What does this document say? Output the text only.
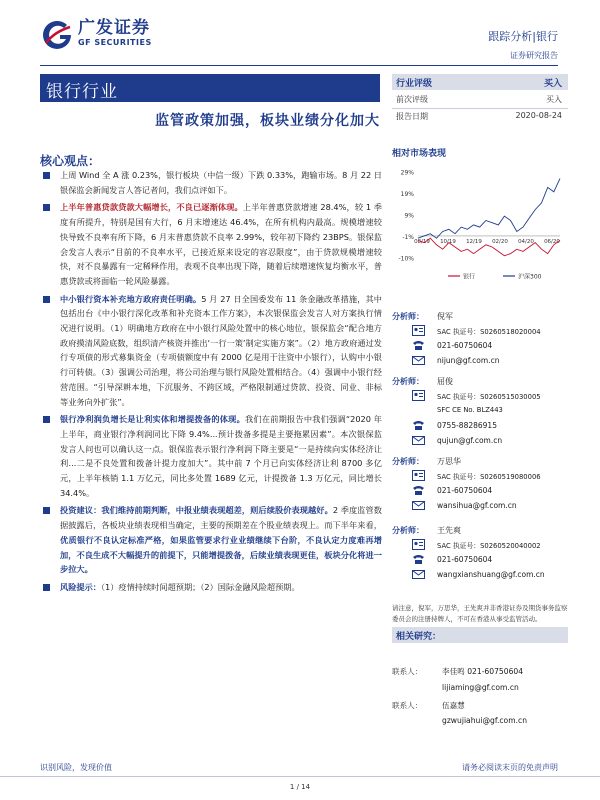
广发证券
GF SECURITIES	跟踪分析|银行
证券研究报告
银行行业
监管政策加强，板块业绩分化加大
行业评级	买入
前次评级	买入
报告日期	2020-08-24
相对市场表现
29%
19%
9%
-1%
-10%
08/19 10/19 12/19 02/20 04/20 06/20
银行	沪深300
核心观点：
上周 Wind 全 A 涨 0.23%，银行板块（中信一级）下跌 0.33%，跑输市场。8 月 22 日银保监会新闻发言人答记者问，我们点评如下。
上半年普惠贷款贷款大幅增长，不良已逐渐体现。上半年普惠贷款增速 28.4%，较 1 季度有所提升，特别是国有大行，6 月末增速达 46.4%，在所有机构内最高。规模增速较快导致不良率有所下降，6 月末普惠贷款不良率 2.99%，较年初下降约 23BPS。银保监会发言人表示“目前的不良率水平，已接近原来设定的容忍限度”，由于贷款规模增速较快，对不良暴露有一定稀释作用，表观不良率出现下降，随着后续增速恢复均衡水平，普惠贷款或将面临一轮风险暴露。
中小银行资本补充地方政府责任明确。5 月 27 日全国委发布 11 条金融改革措施，其中包括出台《中小银行深化改革和补充资本工作方案》，本次银保监会发言人对方案执行情况进行说明。（1）明确地方政府在中小银行风险处置中的核心地位，银保监会“配合地方政府摸清风险底数，组织清产核资并推出‘一行一策’制定实施方案”。（2）地方政府通过发行专项债的形式募集资金（专项债额度中有 2000 亿是用于注资中小银行），认购中小银行可转债。（3）强调公司治理，将公司治理与银行风险处置相结合。（4）强调中小银行经营范围。“引导深耕本地，下沉服务、不跨区域，严格限制通过贷款、投资、同业、非标等业务向外扩张”。
银行净利润负增长是让利实体和增提拨备的体现。我们在前期报告中我们强调“2020 年上半年，商业银行净利润同比下降 9.4%...预计拨备多提是主要拖累因素”。本次银保监发言人问也可以确认这一点。银保监表示银行净利润下降主要是“一是持续向实体经济让利...二是不良处置和拨备计提力度加大”。其中前 7 个月已向实体经济让利 8700 多亿元，上半年核销 1.1 万亿元，同比多处置 1689 亿元，计提拨备 1.3 万亿元，同比增长 34.4%。
投资建议：我们维持前期判断，中报业绩表现超差，则后续股价表现越好。2 季度监管数据披露后，各板块业绩表现相当确定，主要的预期差在个股业绩表现上。而下半年来看，优质银行不良认定标准严格，如果监管要求行业业绩继续下台阶，不良认定力度难再增加，不良生成不大幅提升的前提下，只能增提拨备，后续业绩表现更佳，板块分化将进一步拉大。
风险提示：（1）疫情持续时间超预期；（2）国际金融风险超预期。
分析师： 倪军
SAC 执证号：S0260518020004
021-60750604
nijun@gf.com.cn
分析师： 屈俊
SAC 执证号：S0260515030005
SFC CE No. BLZ443
0755-88286915
qujun@gf.com.cn
分析师： 万思华
SAC 执证号：S0260519080006
021-60750604
wansihua@gf.com.cn
分析师： 王先爽
SAC 执证号：S0260520040002
021-60750604
wangxianshuang@gf.com.cn
请注意，倪军，万思华，王先爽并非香港证券及期货事务监察委员会的注册持牌人，不可在香港从事受监管活动。
相关研究：
联系人：	李佳鸣 021-60750604
lijiaming@gf.com.cn
联系人：	伍嘉慧
gzwujiahui@gf.com.cn
识别风险，发现价值	请务必阅读末页的免责声明
1 / 14
